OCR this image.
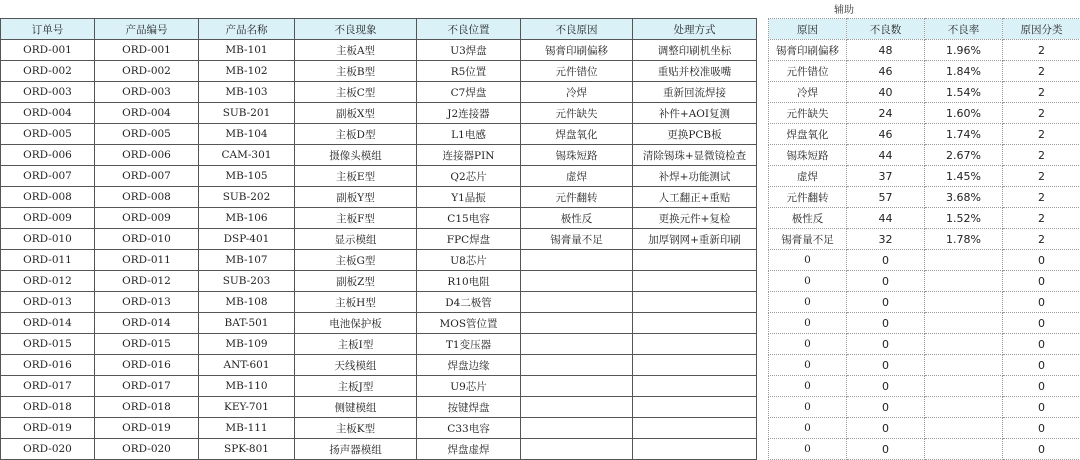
辅助
订单号	产品编号	产品名称	不良现象	不良位置	不良原因	处理方式
ORD-001	ORD-001	MB-101	主板A型	U3焊盘	锡膏印刷偏移	调整印刷机坐标
ORD-002	ORD-002	MB-102	主板B型	R5位置	元件错位	重贴并校准吸嘴
ORD-003	ORD-003	MB-103	主板C型	C7焊盘	冷焊	重新回流焊接
ORD-004	ORD-004	SUB-201	副板X型	J2连接器	元件缺失	补件+AOI复测
ORD-005	ORD-005	MB-104	主板D型	L1电感	焊盘氧化	更换PCB板
ORD-006	ORD-006	CAM-301	摄像头模组	连接器PIN	锡珠短路	清除锡珠+显微镜检查
ORD-007	ORD-007	MB-105	主板E型	Q2芯片	虚焊	补焊+功能测试
ORD-008	ORD-008	SUB-202	副板Y型	Y1晶振	元件翻转	人工翻正+重贴
ORD-009	ORD-009	MB-106	主板F型	C15电容	极性反	更换元件+复检
ORD-010	ORD-010	DSP-401	显示模组	FPC焊盘	锡膏量不足	加厚钢网+重新印刷
ORD-011	ORD-011	MB-107	主板G型	U8芯片		
ORD-012	ORD-012	SUB-203	副板Z型	R10电阻		
ORD-013	ORD-013	MB-108	主板H型	D4二极管		
ORD-014	ORD-014	BAT-501	电池保护板	MOS管位置		
ORD-015	ORD-015	MB-109	主板I型	T1变压器		
ORD-016	ORD-016	ANT-601	天线模组	焊盘边缘		
ORD-017	ORD-017	MB-110	主板J型	U9芯片		
ORD-018	ORD-018	KEY-701	侧键模组	按键焊盘		
ORD-019	ORD-019	MB-111	主板K型	C33电容		
ORD-020	ORD-020	SPK-801	扬声器模组	焊盘虚焊		
原因	不良数	不良率	原因分类
锡膏印刷偏移	48	1.96%	2
元件错位	46	1.84%	2
冷焊	40	1.54%	2
元件缺失	24	1.60%	2
焊盘氧化	46	1.74%	2
锡珠短路	44	2.67%	2
虚焊	37	1.45%	2
元件翻转	57	3.68%	2
极性反	44	1.52%	2
锡膏量不足	32	1.78%	2
0	0		0
0	0		0
0	0		0
0	0		0
0	0		0
0	0		0
0	0		0
0	0		0
0	0		0
0	0		0
